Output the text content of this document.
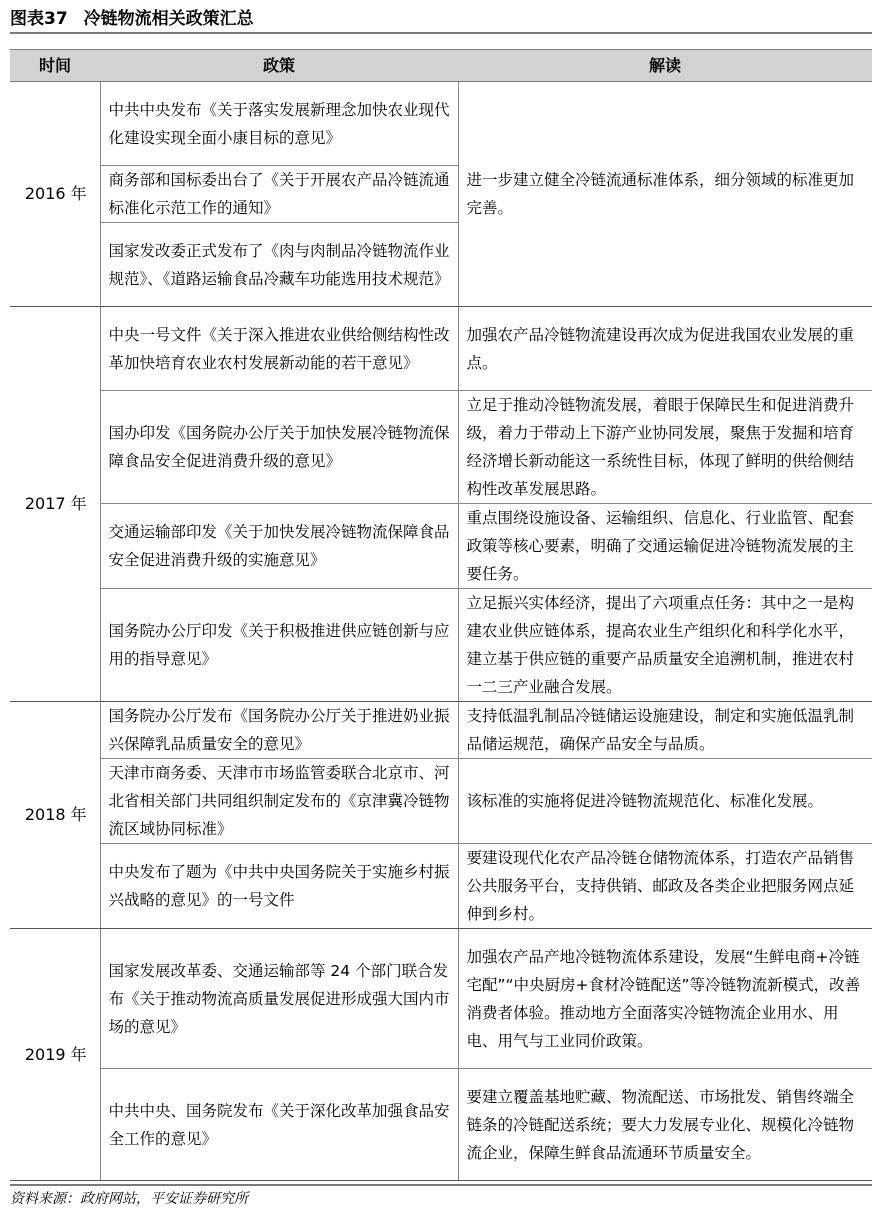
图表37 冷链物流相关政策汇总
时间	政策	解读
2016 年	中共中央发布《关于落实发展新理念加快农业现代化建设实现全面小康目标的意见》	进一步建立健全冷链流通标准体系，细分领域的标准更加完善。
	商务部和国标委出台了《关于开展农产品冷链流通标准化示范工作的通知》	
	国家发改委正式发布了《肉与肉制品冷链物流作业规范》、《道路运输食品冷藏车功能选用技术规范》	
2017 年	中央一号文件《关于深入推进农业供给侧结构性改革加快培育农业农村发展新动能的若干意见》	加强农产品冷链物流建设再次成为促进我国农业发展的重点。
	国办印发《国务院办公厅关于加快发展冷链物流保障食品安全促进消费升级的意见》	立足于推动冷链物流发展，着眼于保障民生和促进消费升级，着力于带动上下游产业协同发展，聚焦于发掘和培育经济增长新动能这一系统性目标，体现了鲜明的供给侧结构性改革发展思路。
	交通运输部印发《关于加快发展冷链物流保障食品安全促进消费升级的实施意见》	重点围绕设施设备、运输组织、信息化、行业监管、配套政策等核心要素，明确了交通运输促进冷链物流发展的主要任务。
	国务院办公厅印发《关于积极推进供应链创新与应用的指导意见》	立足振兴实体经济，提出了六项重点任务：其中之一是构建农业供应链体系，提高农业生产组织化和科学化水平，建立基于供应链的重要产品质量安全追溯机制，推进农村一二三产业融合发展。
2018 年	国务院办公厅发布《国务院办公厅关于推进奶业振兴保障乳品质量安全的意见》	支持低温乳制品冷链储运设施建设，制定和实施低温乳制品储运规范，确保产品安全与品质。
	天津市商务委、天津市市场监管委联合北京市、河北省相关部门共同组织制定发布的《京津冀冷链物流区域协同标准》	该标准的实施将促进冷链物流规范化、标准化发展。
	中央发布了题为《中共中央国务院关于实施乡村振兴战略的意见》的一号文件	要建设现代化农产品冷链仓储物流体系，打造农产品销售公共服务平台，支持供销、邮政及各类企业把服务网点延伸到乡村。
2019 年	国家发展改革委、交通运输部等 24 个部门联合发布《关于推动物流高质量发展促进形成强大国内市场的意见》	加强农产品产地冷链物流体系建设，发展“生鲜电商+冷链宅配”“中央厨房+食材冷链配送”等冷链物流新模式，改善消费者体验。推动地方全面落实冷链物流企业用水、用电、用气与工业同价政策。
	中共中央、国务院发布《关于深化改革加强食品安全工作的意见》	要建立覆盖基地贮藏、物流配送、市场批发、销售终端全链条的冷链配送系统；要大力发展专业化、规模化冷链物流企业，保障生鲜食品流通环节质量安全。
资料来源：政府网站，平安证券研究所
